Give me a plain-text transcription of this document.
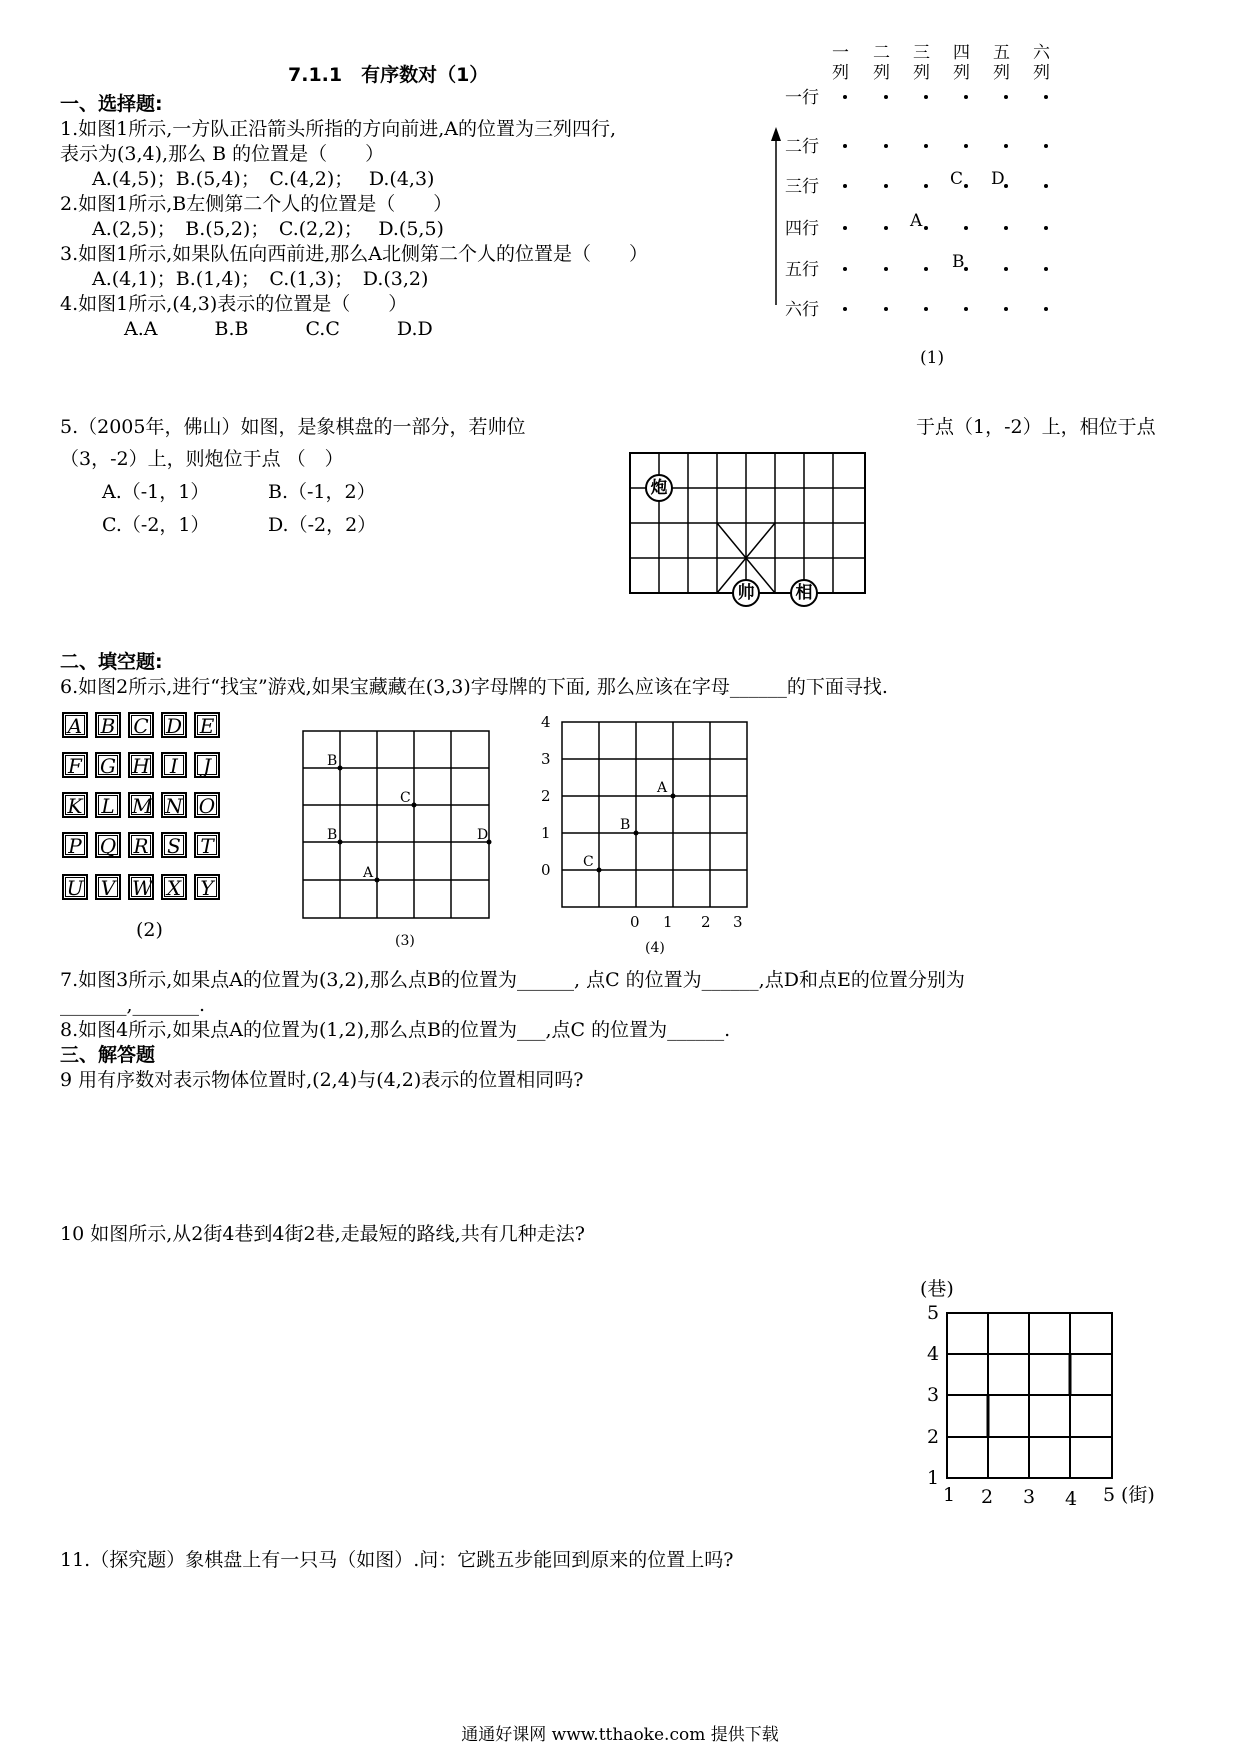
7.1.1　有序数对（1）
一、选择题:
1.如图1所示,一方队正沿箭头所指的方向前进,A的位置为三列四行,
表示为(3,4),那么 B 的位置是（　　）
A.(4,5)；B.(5,4)；　C.(4,2)；　 D.(4,3)
2.如图1所示,B左侧第二个人的位置是（　　）
A.(2,5)；　B.(5,2)；　C.(2,2)；　 D.(5,5)
3.如图1所示,如果队伍向西前进,那么A北侧第二个人的位置是（　　）
A.(4,1)；B.(1,4)；　C.(1,3)；　D.(3,2)
4.如图1所示,(4,3)表示的位置是（　　）
A.A　　　B.B　　　C.C　　　D.D
一
列
二
列
三
列
四
列
五
列
六
列
一行
二行
三行
四行
五行
六行
A
B
C D
(1)
5.（2005年，佛山）如图，是象棋盘的一部分，若帅位	于点（1，-2）上，相位于点
（3，-2）上，则炮位于点 （　）
A.（-1，1）	B.（-1，2）
C.（-2，1）	D.（-2，2）
炮
帅 相
二、填空题:
6.如图2所示,进行“找宝”游戏,如果宝藏藏在(3,3)字母牌的下面, 那么应该在字母______的下面寻找.
A B C D E
F G H	I	J
K L M N O
P Q R S T
U V W X Y
(2)
B
C
B	D
A
(3)
4
3
2
1
0
0 1 2 3
A
B
C
(4)
7.如图3所示,如果点A的位置为(3,2),那么点B的位置为______, 点C 的位置为______,点D和点E的位置分别为
_______,_______.
8.如图4所示,如果点A的位置为(1,2),那么点B的位置为___,点C 的位置为______.
三、解答题
9 用有序数对表示物体位置时,(2,4)与(4,2)表示的位置相同吗?
10 如图所示,从2街4巷到4街2巷,走最短的路线,共有几种走法?
(巷)
5
4
3
2
1
1 2 3 4 5 (街)
11.（探究题）象棋盘上有一只马（如图）.问：它跳五步能回到原来的位置上吗?
通通好课网 www.tthaoke.com 提供下载
